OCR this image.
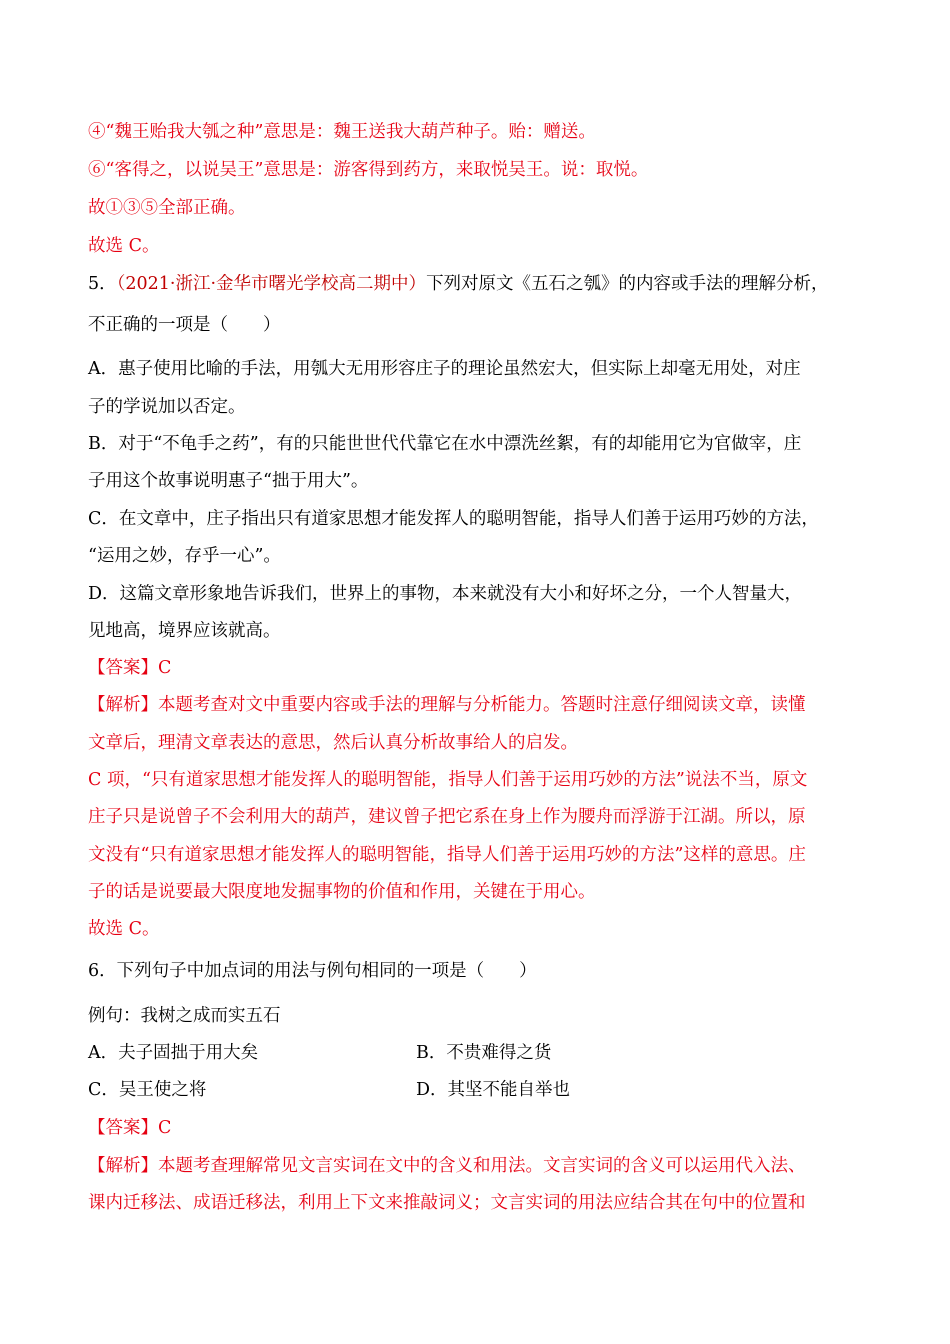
④“魏王贻我大瓠之种”意思是：魏王送我大葫芦种子。贻：赠送。
⑥“客得之，以说吴王”意思是：游客得到药方，来取悦吴王。说：取悦。
故①③⑤全部正确。
故选 C。
5．（2021·浙江·金华市曙光学校高二期中）下列对原文《五石之瓠》的内容或手法的理解分析，
不正确的一项是（　　）
A．惠子使用比喻的手法，用瓠大无用形容庄子的理论虽然宏大，但实际上却毫无用处，对庄
子的学说加以否定。
B．对于“不龟手之药”，有的只能世世代代靠它在水中漂洗丝絮，有的却能用它为官做宰，庄
子用这个故事说明惠子“拙于用大”。
C．在文章中，庄子指出只有道家思想才能发挥人的聪明智能，指导人们善于运用巧妙的方法，
“运用之妙，存乎一心”。
D．这篇文章形象地告诉我们，世界上的事物，本来就没有大小和好坏之分，一个人智量大，
见地高，境界应该就高。
【答案】C
【解析】本题考查对文中重要内容或手法的理解与分析能力。答题时注意仔细阅读文章，读懂
文章后，理清文章表达的意思，然后认真分析故事给人的启发。
C 项，“只有道家思想才能发挥人的聪明智能，指导人们善于运用巧妙的方法”说法不当，原文
庄子只是说曾子不会利用大的葫芦，建议曾子把它系在身上作为腰舟而浮游于江湖。所以，原
文没有“只有道家思想才能发挥人的聪明智能，指导人们善于运用巧妙的方法”这样的意思。庄
子的话是说要最大限度地发掘事物的价值和作用，关键在于用心。
故选 C。
6．下列句子中加点词的用法与例句相同的一项是（　　）
例句：我树之成而实五石
A．夫子固拙于用大矣	B．不贵难得之货
C．吴王使之将	D．其坚不能自举也
【答案】C
【解析】本题考查理解常见文言实词在文中的含义和用法。文言实词的含义可以运用代入法、
课内迁移法、成语迁移法，利用上下文来推敲词义；文言实词的用法应结合其在句中的位置和
